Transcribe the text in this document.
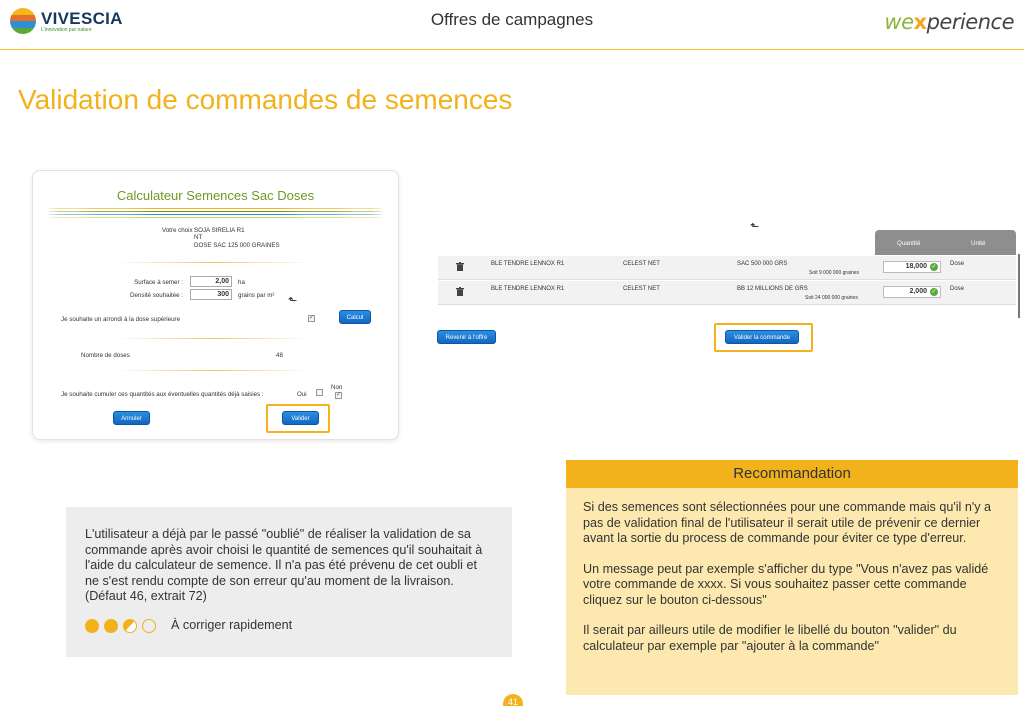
VIVESCIA
L'innovation par nature
Offres de campagnes	wexperience
Validation de commandes de semences
Calculateur Semences Sac Doses
Votre choix :
SOJA SIRELIA R1
NT
DOSE SAC 125 000 GRAINES
Surface à semer :	2,00	ha
Densité souhaitée :	300	grains par m² ⬑
Je souhaite un arrondi à la dose supérieure	✓	Calcul
Nombre de doses	48
Je souhaite cumuler ces quantités aux éventuelles quantités déjà saisies :	Oui
Non
✓
Annuler	Valider
⬑
Quantité	Unité
BLE TENDRE LENNOX R1	CELEST NET	SAC 500 000 GRS
Soit 9 000 000 graines
18,000 ✓ Dose
BLE TENDRE LENNOX R1	CELEST NET	BB 12 MILLIONS DE GRS
Soit 24 000 000 graines
2,000 ✓ Dose
Revenir à l'offre	Valider la commande
Recommandation

Si des semences sont sélectionnées pour une commande mais qu'il n'y a pas de validation final de l'utilisateur il serait utile de prévenir ce dernier avant la sortie du process de commande pour éviter ce type d'erreur.

Un message peut par exemple s'afficher du type "Vous n'avez pas validé votre commande de xxxx. Si vous souhaitez passer cette commande cliquez sur le bouton ci-dessous"

Il serait par ailleurs utile de modifier le libellé du bouton "valider" du calculateur par exemple par "ajouter à la commande"

L'utilisateur a déjà par le passé "oublié" de réaliser la validation de sa commande après avoir choisi le quantité de semences qu'il souhaitait à l'aide du calculateur de semence. Il n'a pas été prévenu de cet oubli et ne s'est rendu compte de son erreur qu'au moment de la livraison. (Défaut 46, extrait 72)
À corriger rapidement
41
